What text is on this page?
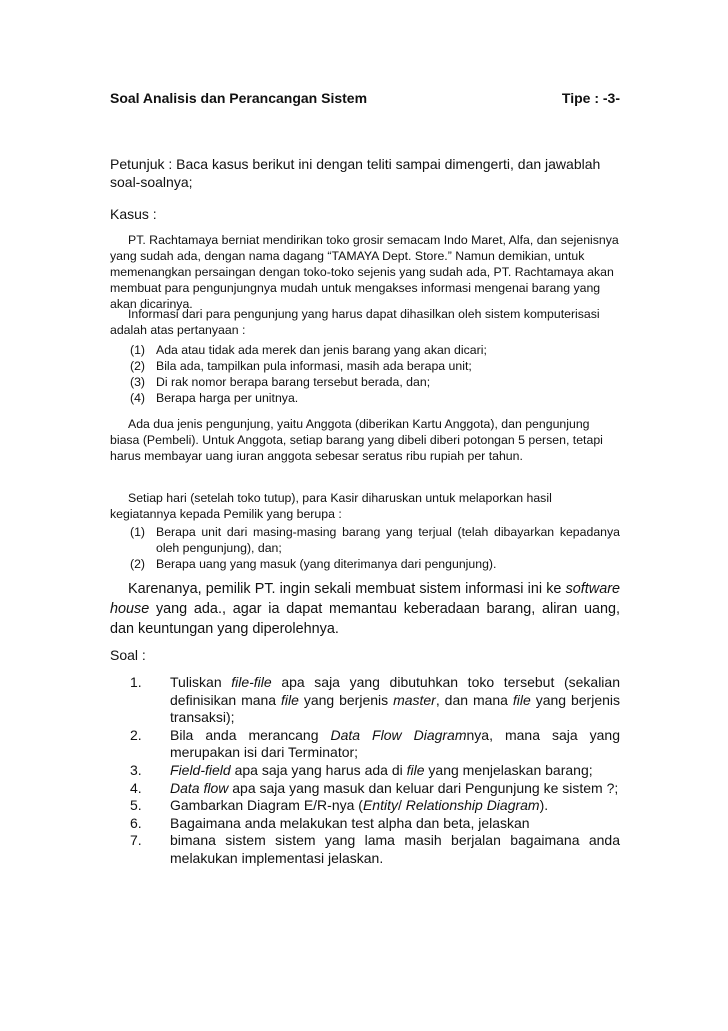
Soal Analisis dan Perancangan Sistem	Tipe : -3-
Petunjuk : Baca kasus berikut ini dengan teliti sampai dimengerti, dan jawablah soal-soalnya;
Kasus :
PT. Rachtamaya berniat mendirikan toko grosir semacam Indo Maret, Alfa, dan sejenisnya yang sudah ada, dengan nama dagang “TAMAYA Dept. Store.” Namun demikian, untuk memenangkan persaingan dengan toko-toko sejenis yang sudah ada, PT. Rachtamaya akan membuat para pengunjungnya mudah untuk mengakses informasi mengenai barang yang akan dicarinya.
Informasi dari para pengunjung yang harus dapat dihasilkan oleh sistem komputerisasi adalah atas pertanyaan :
(1) Ada atau tidak ada merek dan jenis barang yang akan dicari;
(2) Bila ada, tampilkan pula informasi, masih ada berapa unit;
(3) Di rak nomor berapa barang tersebut berada, dan;
(4) Berapa harga per unitnya.
Ada dua jenis pengunjung, yaitu Anggota (diberikan Kartu Anggota), dan pengunjung biasa (Pembeli). Untuk Anggota, setiap barang yang dibeli diberi potongan 5 persen, tetapi harus membayar uang iuran anggota sebesar seratus ribu rupiah per tahun.
Setiap hari (setelah toko tutup), para Kasir diharuskan untuk melaporkan hasil kegiatannya kepada Pemilik yang berupa :
(1) Berapa unit dari masing-masing barang yang terjual (telah dibayarkan kepadanya oleh pengunjung), dan;
(2) Berapa uang yang masuk (yang diterimanya dari pengunjung).
Karenanya, pemilik PT. ingin sekali membuat sistem informasi ini ke software house yang ada., agar ia dapat memantau keberadaan barang, aliran uang, dan keuntungan yang diperolehnya.
Soal :
1. Tuliskan file-file apa saja yang dibutuhkan toko tersebut (sekalian definisikan mana file yang berjenis master, dan mana file yang berjenis transaksi);
2. Bila anda merancang Data Flow Diagramnya, mana saja yang merupakan isi dari Terminator;
3. Field-field apa saja yang harus ada di file yang menjelaskan barang;
4. Data flow apa saja yang masuk dan keluar dari Pengunjung ke sistem ?;
5. Gambarkan Diagram E/R-nya (Entity/ Relationship Diagram).
6. Bagaimana anda melakukan test alpha dan beta, jelaskan
7. bimana sistem sistem yang lama masih berjalan bagaimana anda melakukan implementasi jelaskan.
